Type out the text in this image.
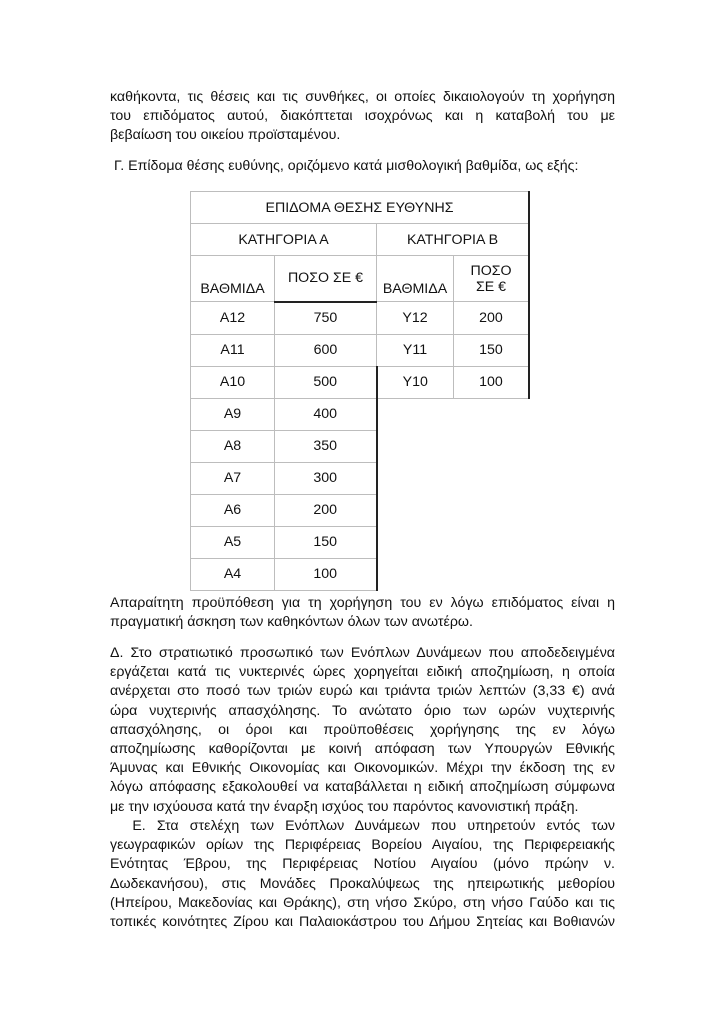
καθήκοντα, τις θέσεις και τις συνθήκες, οι οποίες δικαιολογούν τη χορήγηση
του επιδόματος αυτού, διακόπτεται ισοχρόνως και η καταβολή του με
βεβαίωση του οικείου προϊσταμένου.
Γ. Επίδομα θέσης ευθύνης, οριζόμενο κατά μισθολογική βαθμίδα, ως εξής:
ΕΠΙΔΟΜΑ ΘΕΣΗΣ ΕΥΘΥΝΗΣ			
ΚΑΤΗΓΟΡΙΑ Α		ΚΑΤΗΓΟΡΙΑ Β	
ΒΑΘΜΙΔΑ	ΠΟΣΟ ΣΕ €	ΒΑΘΜΙΔΑ	ΠΟΣΟ
ΣΕ €
Α12	750	Υ12	200
Α11	600	Υ11	150
Α10	500	Υ10	100
Α9	400		
Α8	350		
Α7	300		
Α6	200		
Α5	150		
Α4	100		
Απαραίτητη προϋπόθεση για τη χορήγηση του εν λόγω επιδόματος είναι η
πραγματική άσκηση των καθηκόντων όλων των ανωτέρω.
Δ. Στο στρατιωτικό προσωπικό των Ενόπλων Δυνάμεων που αποδεδειγμένα
εργάζεται κατά τις νυκτερινές ώρες χορηγείται ειδική αποζημίωση, η οποία
ανέρχεται στο ποσό των τριών ευρώ και τριάντα τριών λεπτών (3,33 €) ανά
ώρα νυχτερινής απασχόλησης. Το ανώτατο όριο των ωρών νυχτερινής
απασχόλησης, οι όροι και προϋποθέσεις χορήγησης της εν λόγω
αποζημίωσης καθορίζονται με κοινή απόφαση των Υπουργών Εθνικής
Άμυνας και Εθνικής Οικονομίας και Οικονομικών. Μέχρι την έκδοση της εν
λόγω απόφασης εξακολουθεί να καταβάλλεται η ειδική αποζημίωση σύμφωνα
με την ισχύουσα κατά την έναρξη ισχύος του παρόντος κανονιστική πράξη.
Ε. Στα στελέχη των Ενόπλων Δυνάμεων που υπηρετούν εντός των
γεωγραφικών ορίων της Περιφέρειας Βορείου Αιγαίου, της Περιφερειακής
Ενότητας Έβρου, της Περιφέρειας Νοτίου Αιγαίου (μόνο πρώην ν.
Δωδεκανήσου), στις Μονάδες Προκαλύψεως της ηπειρωτικής μεθορίου
(Ηπείρου, Μακεδονίας και Θράκης), στη νήσο Σκύρο, στη νήσο Γαύδο και τις
τοπικές κοινότητες Ζίρου και Παλαιοκάστρου του Δήμου Σητείας και Βοθιανών
